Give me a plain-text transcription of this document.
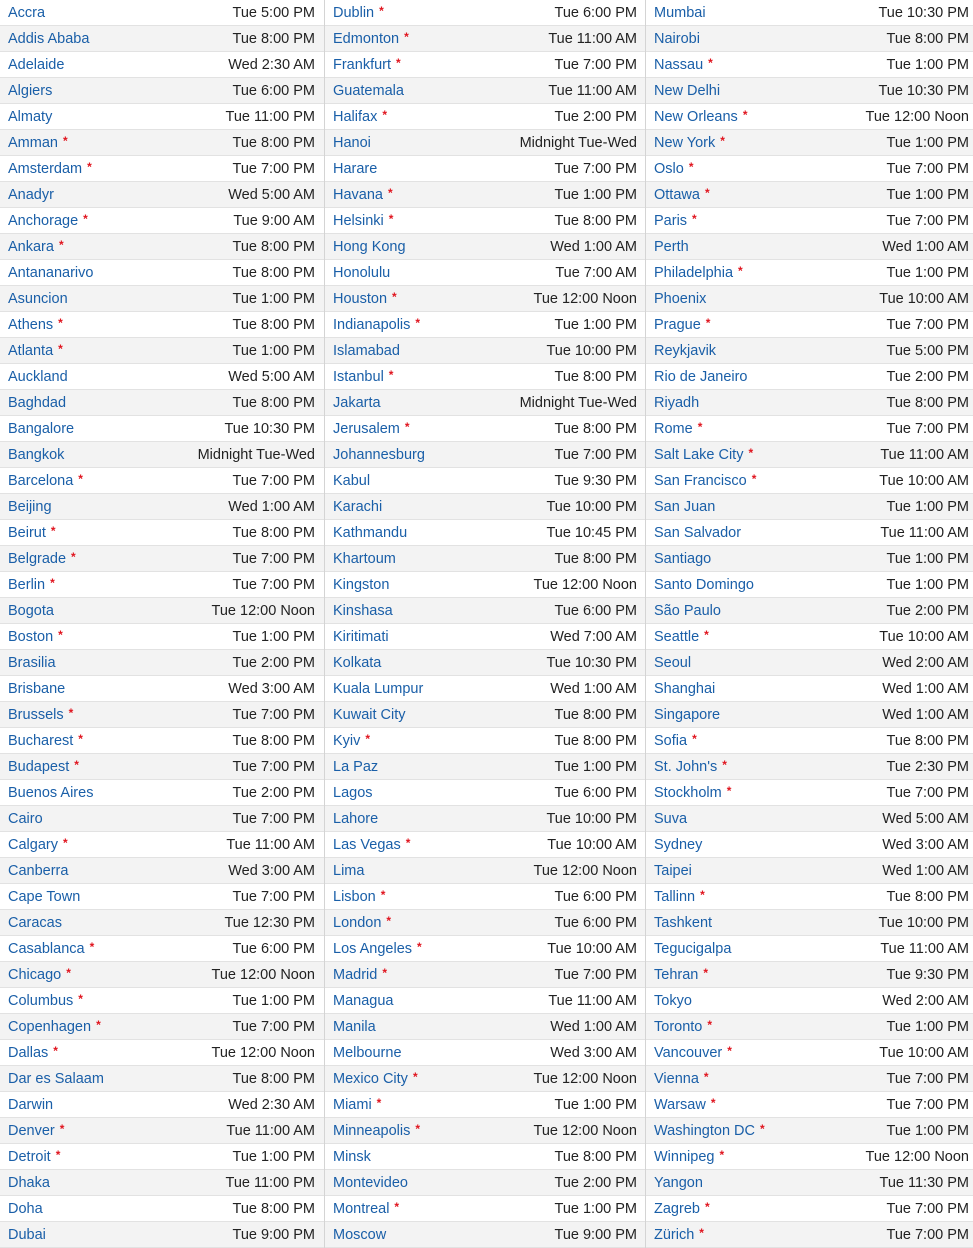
Accra	Tue 5:00 PM
Addis Ababa	Tue 8:00 PM
Adelaide	Wed 2:30 AM
Algiers	Tue 6:00 PM
Almaty	Tue 11:00 PM
Amman *	Tue 8:00 PM
Amsterdam *	Tue 7:00 PM
Anadyr	Wed 5:00 AM
Anchorage *	Tue 9:00 AM
Ankara *	Tue 8:00 PM
Antananarivo	Tue 8:00 PM
Asuncion	Tue 1:00 PM
Athens *	Tue 8:00 PM
Atlanta *	Tue 1:00 PM
Auckland	Wed 5:00 AM
Baghdad	Tue 8:00 PM
Bangalore	Tue 10:30 PM
Bangkok	Midnight Tue-Wed
Barcelona *	Tue 7:00 PM
Beijing	Wed 1:00 AM
Beirut *	Tue 8:00 PM
Belgrade *	Tue 7:00 PM
Berlin *	Tue 7:00 PM
Bogota	Tue 12:00 Noon
Boston *	Tue 1:00 PM
Brasilia	Tue 2:00 PM
Brisbane	Wed 3:00 AM
Brussels *	Tue 7:00 PM
Bucharest *	Tue 8:00 PM
Budapest *	Tue 7:00 PM
Buenos Aires	Tue 2:00 PM
Cairo	Tue 7:00 PM
Calgary *	Tue 11:00 AM
Canberra	Wed 3:00 AM
Cape Town	Tue 7:00 PM
Caracas	Tue 12:30 PM
Casablanca *	Tue 6:00 PM
Chicago *	Tue 12:00 Noon
Columbus *	Tue 1:00 PM
Copenhagen *	Tue 7:00 PM
Dallas *	Tue 12:00 Noon
Dar es Salaam	Tue 8:00 PM
Darwin	Wed 2:30 AM
Denver *	Tue 11:00 AM
Detroit *	Tue 1:00 PM
Dhaka	Tue 11:00 PM
Doha	Tue 8:00 PM
Dubai	Tue 9:00 PM
Dublin *	Tue 6:00 PM
Edmonton *	Tue 11:00 AM
Frankfurt *	Tue 7:00 PM
Guatemala	Tue 11:00 AM
Halifax *	Tue 2:00 PM
Hanoi	Midnight Tue-Wed
Harare	Tue 7:00 PM
Havana *	Tue 1:00 PM
Helsinki *	Tue 8:00 PM
Hong Kong	Wed 1:00 AM
Honolulu	Tue 7:00 AM
Houston *	Tue 12:00 Noon
Indianapolis *	Tue 1:00 PM
Islamabad	Tue 10:00 PM
Istanbul *	Tue 8:00 PM
Jakarta	Midnight Tue-Wed
Jerusalem *	Tue 8:00 PM
Johannesburg	Tue 7:00 PM
Kabul	Tue 9:30 PM
Karachi	Tue 10:00 PM
Kathmandu	Tue 10:45 PM
Khartoum	Tue 8:00 PM
Kingston	Tue 12:00 Noon
Kinshasa	Tue 6:00 PM
Kiritimati	Wed 7:00 AM
Kolkata	Tue 10:30 PM
Kuala Lumpur	Wed 1:00 AM
Kuwait City	Tue 8:00 PM
Kyiv *	Tue 8:00 PM
La Paz	Tue 1:00 PM
Lagos	Tue 6:00 PM
Lahore	Tue 10:00 PM
Las Vegas *	Tue 10:00 AM
Lima	Tue 12:00 Noon
Lisbon *	Tue 6:00 PM
London *	Tue 6:00 PM
Los Angeles *	Tue 10:00 AM
Madrid *	Tue 7:00 PM
Managua	Tue 11:00 AM
Manila	Wed 1:00 AM
Melbourne	Wed 3:00 AM
Mexico City *	Tue 12:00 Noon
Miami *	Tue 1:00 PM
Minneapolis *	Tue 12:00 Noon
Minsk	Tue 8:00 PM
Montevideo	Tue 2:00 PM
Montreal *	Tue 1:00 PM
Moscow	Tue 9:00 PM
Mumbai	Tue 10:30 PM
Nairobi	Tue 8:00 PM
Nassau *	Tue 1:00 PM
New Delhi	Tue 10:30 PM
New Orleans *	Tue 12:00 Noon
New York *	Tue 1:00 PM
Oslo *	Tue 7:00 PM
Ottawa *	Tue 1:00 PM
Paris *	Tue 7:00 PM
Perth	Wed 1:00 AM
Philadelphia *	Tue 1:00 PM
Phoenix	Tue 10:00 AM
Prague *	Tue 7:00 PM
Reykjavik	Tue 5:00 PM
Rio de Janeiro	Tue 2:00 PM
Riyadh	Tue 8:00 PM
Rome *	Tue 7:00 PM
Salt Lake City *	Tue 11:00 AM
San Francisco *	Tue 10:00 AM
San Juan	Tue 1:00 PM
San Salvador	Tue 11:00 AM
Santiago	Tue 1:00 PM
Santo Domingo	Tue 1:00 PM
São Paulo	Tue 2:00 PM
Seattle *	Tue 10:00 AM
Seoul	Wed 2:00 AM
Shanghai	Wed 1:00 AM
Singapore	Wed 1:00 AM
Sofia *	Tue 8:00 PM
St. John's *	Tue 2:30 PM
Stockholm *	Tue 7:00 PM
Suva	Wed 5:00 AM
Sydney	Wed 3:00 AM
Taipei	Wed 1:00 AM
Tallinn *	Tue 8:00 PM
Tashkent	Tue 10:00 PM
Tegucigalpa	Tue 11:00 AM
Tehran *	Tue 9:30 PM
Tokyo	Wed 2:00 AM
Toronto *	Tue 1:00 PM
Vancouver *	Tue 10:00 AM
Vienna *	Tue 7:00 PM
Warsaw *	Tue 7:00 PM
Washington DC *	Tue 1:00 PM
Winnipeg *	Tue 12:00 Noon
Yangon	Tue 11:30 PM
Zagreb *	Tue 7:00 PM
Zürich *	Tue 7:00 PM
